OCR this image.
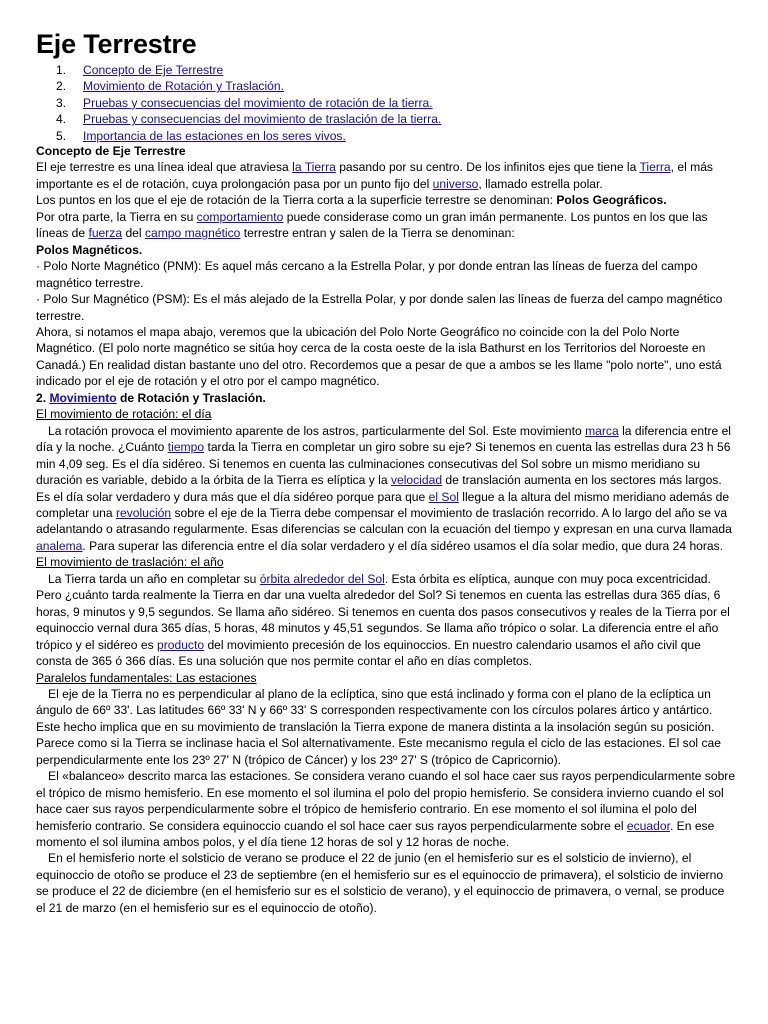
Eje Terrestre
1. Concepto de Eje Terrestre
2. Movimiento de Rotación y Traslación.
3. Pruebas y consecuencias del movimiento de rotación de la tierra.
4. Pruebas y consecuencias del movimiento de traslación de la tierra.
5. Importancia de las estaciones en los seres vivos.

Concepto de Eje Terrestre

El eje terrestre es una línea ideal que atraviesa la Tierra pasando por su centro. De los infinitos ejes que tiene la Tierra, el más importante es el de rotación, cuya prolongación pasa por un punto fijo del universo, llamado estrella polar.

Los puntos en los que el eje de rotación de la Tierra corta a la superficie terrestre se denominan: Polos Geográficos.

Por otra parte, la Tierra en su comportamiento puede considerase como un gran imán permanente. Los puntos en los que las líneas de fuerza del campo magnético terrestre entran y salen de la Tierra se denominan:

Polos Magnéticos.

· Polo Norte Magnético (PNM): Es aquel más cercano a la Estrella Polar, y por donde entran las líneas de fuerza del campo magnético terrestre.

· Polo Sur Magnético (PSM): Es el más alejado de la Estrella Polar, y por donde salen las líneas de fuerza del campo magnético terrestre.

Ahora, si notamos el mapa abajo, veremos que la ubicación del Polo Norte Geográfico no coincide con la del Polo Norte Magnético. (El polo norte magnético se sitúa hoy cerca de la costa oeste de la isla Bathurst en los Territorios del Noroeste en Canadá.) En realidad distan bastante uno del otro. Recordemos que a pesar de que a ambos se les llame "polo norte", uno está indicado por el eje de rotación y el otro por el campo magnético.

2. Movimiento de Rotación y Traslación.

El movimiento de rotación: el día

La rotación provoca el movimiento aparente de los astros, particularmente del Sol. Este movimiento marca la diferencia entre el día y la noche. ¿Cuánto tiempo tarda la Tierra en completar un giro sobre su eje? Si tenemos en cuenta las estrellas dura 23 h 56 min 4,09 seg. Es el día sidéreo. Si tenemos en cuenta las culminaciones consecutivas del Sol sobre un mismo meridiano su duración es variable, debido a la órbita de la Tierra es elíptica y la velocidad de translación aumenta en los sectores más largos. Es el día solar verdadero y dura más que el día sidéreo porque para que el Sol llegue a la altura del mismo meridiano además de completar una revolución sobre el eje de la Tierra debe compensar el movimiento de traslación recorrido. A lo largo del año se va adelantando o atrasando regularmente. Esas diferencias se calculan con la ecuación del tiempo y expresan en una curva llamada analema. Para superar las diferencia entre el día solar verdadero y el día sidéreo usamos el día solar medio, que dura 24 horas.

El movimiento de traslación: el año

La Tierra tarda un año en completar su órbita alrededor del Sol. Esta órbita es elíptica, aunque con muy poca excentricidad. Pero ¿cuánto tarda realmente la Tierra en dar una vuelta alrededor del Sol? Si tenemos en cuenta las estrellas dura 365 días, 6 horas, 9 minutos y 9,5 segundos. Se llama año sidéreo. Si tenemos en cuenta dos pasos consecutivos y reales de la Tierra por el equinoccio vernal dura 365 días, 5 horas, 48 minutos y 45,51 segundos. Se llama año trópico o solar. La diferencia entre el año trópico y el sidéreo es producto del movimiento precesión de los equinoccios. En nuestro calendario usamos el año civil que consta de 365 ó 366 días. Es una solución que nos permite contar el año en días completos.

Paralelos fundamentales: Las estaciones

El eje de la Tierra no es perpendicular al plano de la eclíptica, sino que está inclinado y forma con el plano de la eclíptica un ángulo de 66º 33'. Las latitudes 66º 33' N y 66º 33' S corresponden respectivamente con los círculos polares ártico y antártico. Este hecho implica que en su movimiento de translación la Tierra expone de manera distinta a la insolación según su posición. Parece como si la Tierra se inclinase hacia el Sol alternativamente. Este mecanismo regula el ciclo de las estaciones. El sol cae perpendicularmente ente los 23º 27' N (trópico de Cáncer) y los 23º 27' S (trópico de Capricornio).

El «balanceo» descrito marca las estaciones. Se considera verano cuando el sol hace caer sus rayos perpendicularmente sobre el trópico de mismo hemisferio. En ese momento el sol ilumina el polo del propio hemisferio. Se considera invierno cuando el sol hace caer sus rayos perpendicularmente sobre el trópico de hemisferio contrario. En ese momento el sol ilumina el polo del hemisferio contrario. Se considera equinoccio cuando el sol hace caer sus rayos perpendicularmente sobre el ecuador. En ese momento el sol ilumina ambos polos, y el día tiene 12 horas de sol y 12 horas de noche.

En el hemisferio norte el solsticio de verano se produce el 22 de junio (en el hemisferio sur es el solsticio de invierno), el equinoccio de otoño se produce el 23 de septiembre (en el hemisferio sur es el equinoccio de primavera), el solsticio de invierno se produce el 22 de diciembre (en el hemisferio sur es el solsticio de verano), y el equinoccio de primavera, o vernal, se produce el 21 de marzo (en el hemisferio sur es el equinoccio de otoño).
